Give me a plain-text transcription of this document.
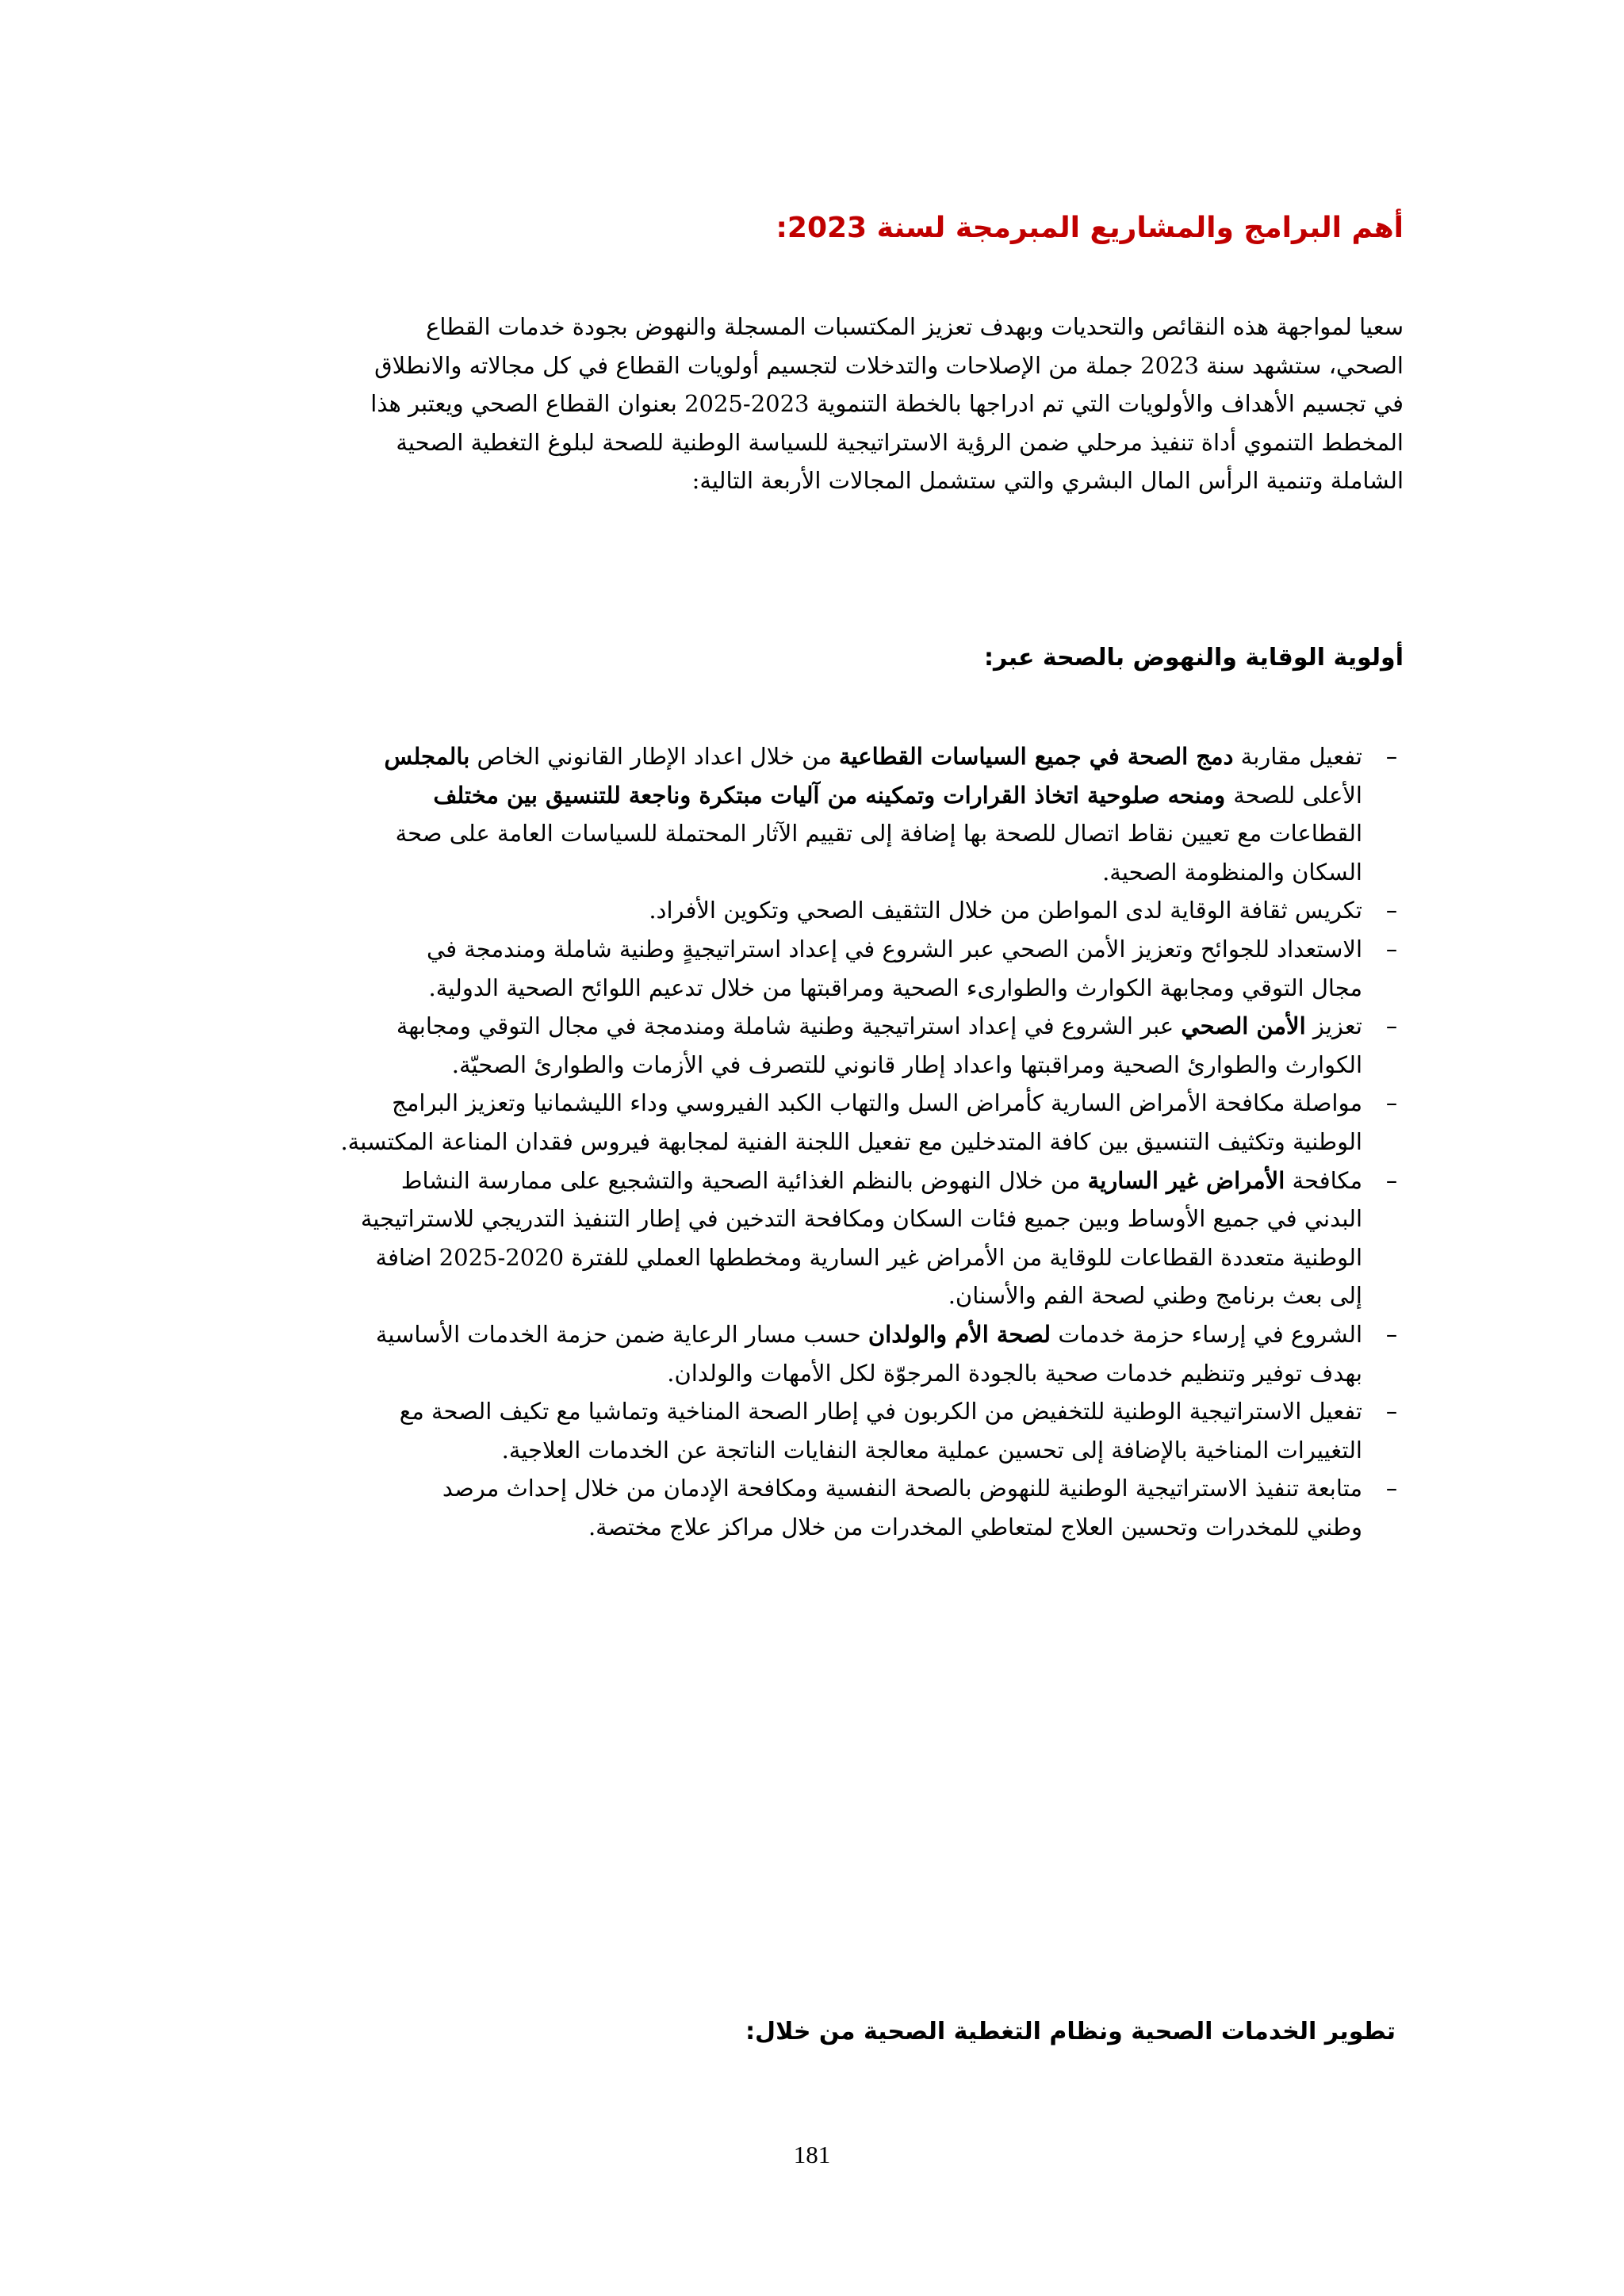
أهم البرامج والمشاريع المبرمجة لسنة 2023:

سعيا لمواجهة هذه النقائص والتحديات وبهدف تعزيز المكتسبات المسجلة والنهوض بجودة خدمات القطاع
الصحي، ستشهد سنة 2023 جملة من الإصلاحات والتدخلات لتجسيم أولويات القطاع في كل مجالاته والانطلاق
في تجسيم الأهداف والأولويات التي تم ادراجها بالخطة التنموية 2023-2025 بعنوان القطاع الصحي ويعتبر هذا
المخطط التنموي أداة تنفيذ مرحلي ضمن الرؤية الاستراتيجية للسياسة الوطنية للصحة لبلوغ التغطية الصحية
الشاملة وتنمية الرأس المال البشري والتي ستشمل المجالات الأربعة التالية:

أولوية الوقاية والنهوض بالصحة عبر:
–
تفعيل مقاربة دمج الصحة في جميع السياسات القطاعية من خلال اعداد الإطار القانوني الخاص بالمجلس
الأعلى للصحة ومنحه صلوحية اتخاذ القرارات وتمكينه من آليات مبتكرة وناجعة للتنسيق بين مختلف
القطاعات مع تعيين نقاط اتصال للصحة بها إضافة إلى تقييم الآثار المحتملة للسياسات العامة على صحة
السكان والمنظومة الصحية.
–
تكريس ثقافة الوقاية لدى المواطن من خلال التثقيف الصحي وتكوين الأفراد.
–
الاستعداد للجوائح وتعزيز الأمن الصحي عبر الشروع في إعداد استراتيجيةٍ وطنية شاملة ومندمجة في
مجال التوقي ومجابهة الكوارث والطوارىء الصحية ومراقبتها من خلال تدعيم اللوائح الصحية الدولية.
–
تعزيز الأمن الصحي عبر الشروع في إعداد استراتيجية وطنية شاملة ومندمجة في مجال التوقي ومجابهة
الكوارث والطوارئ الصحية ومراقبتها واعداد إطار قانوني للتصرف في الأزمات والطوارئ الصحيّة.
–
مواصلة مكافحة الأمراض السارية كأمراض السل والتهاب الكبد الفيروسي وداء الليشمانيا وتعزيز البرامج
الوطنية وتكثيف التنسيق بين كافة المتدخلين مع تفعيل اللجنة الفنية لمجابهة فيروس فقدان المناعة المكتسبة.
–
مكافحة الأمراض غير السارية من خلال النهوض بالنظم الغذائية الصحية والتشجيع على ممارسة النشاط
البدني في جميع الأوساط وبين جميع فئات السكان ومكافحة التدخين في إطار التنفيذ التدريجي للاستراتيجية
الوطنية متعددة القطاعات للوقاية من الأمراض غير السارية ومخططها العملي للفترة 2020-2025 اضافة
إلى بعث برنامج وطني لصحة الفم والأسنان.
–
الشروع في إرساء حزمة خدمات لصحة الأم والولدان حسب مسار الرعاية ضمن حزمة الخدمات الأساسية
بهدف توفير وتنظيم خدمات صحية بالجودة المرجوّة لكل الأمهات والولدان.
–
تفعيل الاستراتيجية الوطنية للتخفيض من الكربون في إطار الصحة المناخية وتماشيا مع تكيف الصحة مع
التغييرات المناخية بالإضافة إلى تحسين عملية معالجة النفايات الناتجة عن الخدمات العلاجية.
–
متابعة تنفيذ الاستراتيجية الوطنية للنهوض بالصحة النفسية ومكافحة الإدمان من خلال إحداث مرصد
وطني للمخدرات وتحسين العلاج لمتعاطي المخدرات من خلال مراكز علاج مختصة.
تطوير الخدمات الصحية ونظام التغطية الصحية من خلال:
181
